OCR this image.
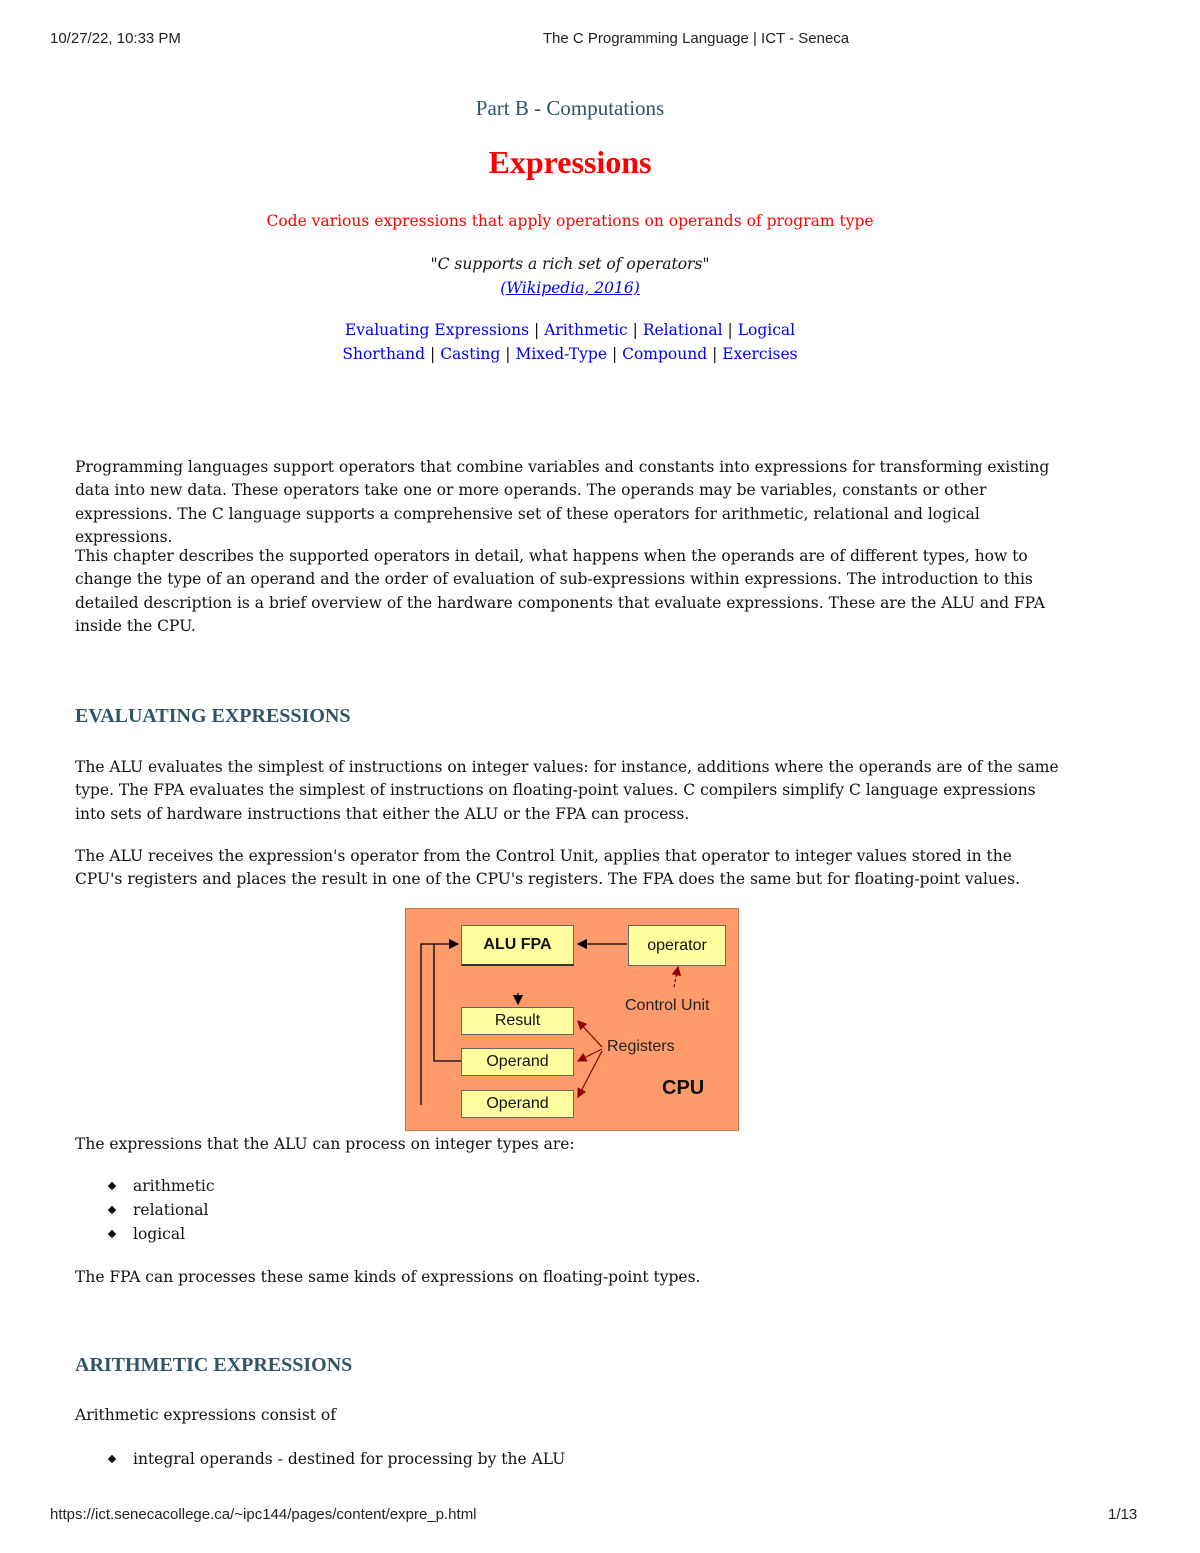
10/27/22, 10:33 PM	The C Programming Language | ICT - Seneca
https://ict.senecacollege.ca/~ipc144/pages/content/expre_p.html	1/13
Part B - Computations
Expressions
Code various expressions that apply operations on operands of program type
"C supports a rich set of operators"
(Wikipedia, 2016)
Evaluating Expressions | Arithmetic | Relational | Logical
Shorthand | Casting | Mixed-Type | Compound | Exercises
Programming languages support operators that combine variables and constants into expressions for transforming existing data into new data. These operators take one or more operands. The operands may be variables, constants or other expressions. The C language supports a comprehensive set of these operators for arithmetic, relational and logical expressions.
This chapter describes the supported operators in detail, what happens when the operands are of different types, how to change the type of an operand and the order of evaluation of sub-expressions within expressions. The introduction to this detailed description is a brief overview of the hardware components that evaluate expressions. These are the ALU and FPA inside the CPU.
EVALUATING EXPRESSIONS
The ALU evaluates the simplest of instructions on integer values: for instance, additions where the operands are of the same type. The FPA evaluates the simplest of instructions on floating-point values. C compilers simplify C language expressions into sets of hardware instructions that either the ALU or the FPA can process.
The ALU receives the expression's operator from the Control Unit, applies that operator to integer values stored in the CPU's registers and places the result in one of the CPU's registers. The FPA does the same but for floating-point values.
ALU FPA	operator
Control Unit
Result
Registers
Operand
Operand
CPU
The expressions that the ALU can process on integer types are:
arithmetic
relational
logical
The FPA can processes these same kinds of expressions on floating-point types.
ARITHMETIC EXPRESSIONS
Arithmetic expressions consist of
integral operands - destined for processing by the ALU
